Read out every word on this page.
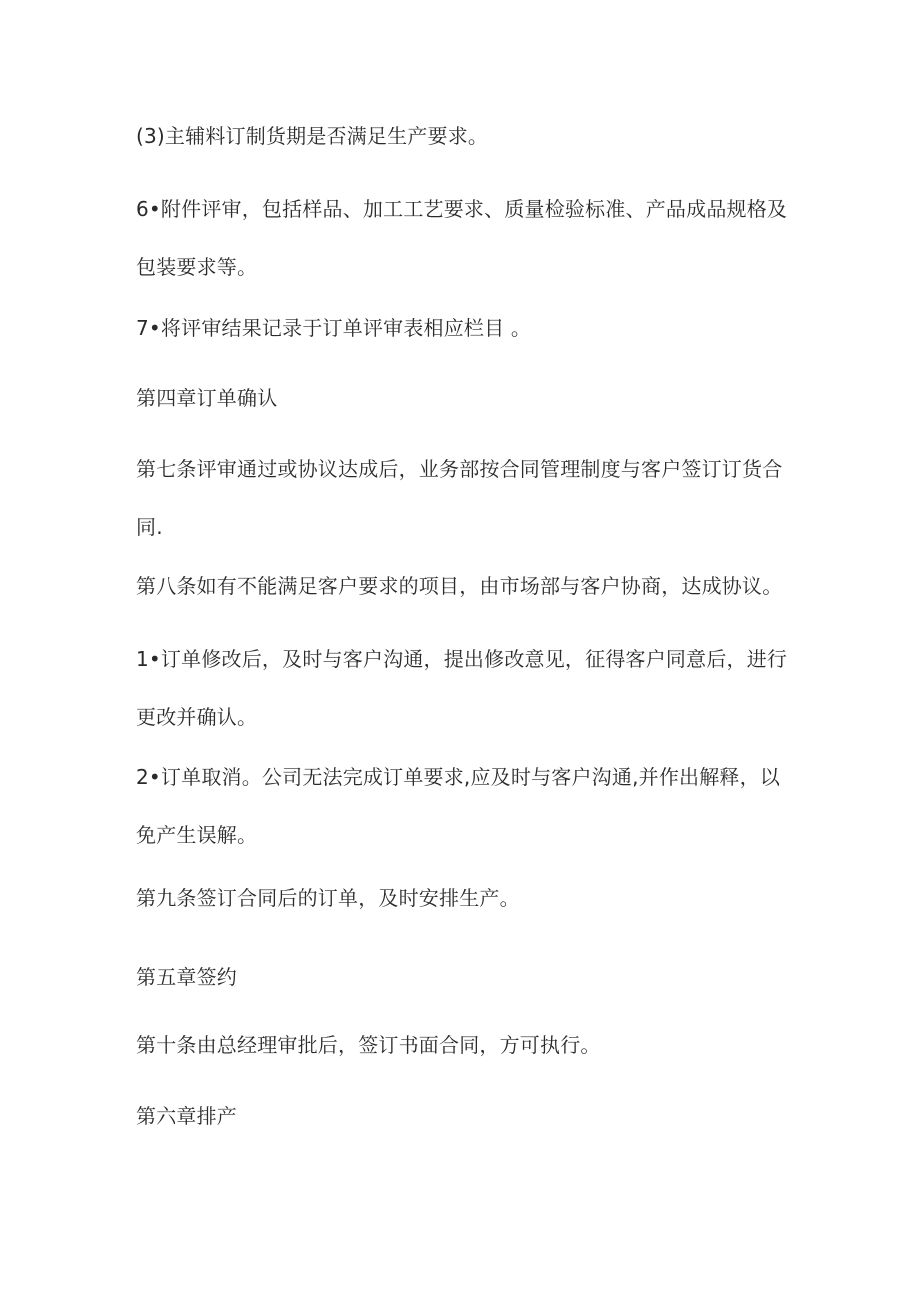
(3)主辅料订制货期是否满足生产要求。

6•附件评审，包括样品、加工工艺要求、质量检验标准、产品成品规格及包装要求等。

7•将评审结果记录于订单评审表相应栏目 。

第四章订单确认

第七条评审通过或协议达成后，业务部按合同管理制度与客户签订订货合同.

第八条如有不能满足客户要求的项目，由市场部与客户协商，达成协议。

1•订单修改后，及时与客户沟通，提出修改意见，征得客户同意后，进行更改并确认。

2•订单取消。公司无法完成订单要求,应及时与客户沟通,并作出解释，以免产生误解。

第九条签订合同后的订单，及时安排生产。

第五章签约

第十条由总经理审批后，签订书面合同，方可执行。

第六章排产
